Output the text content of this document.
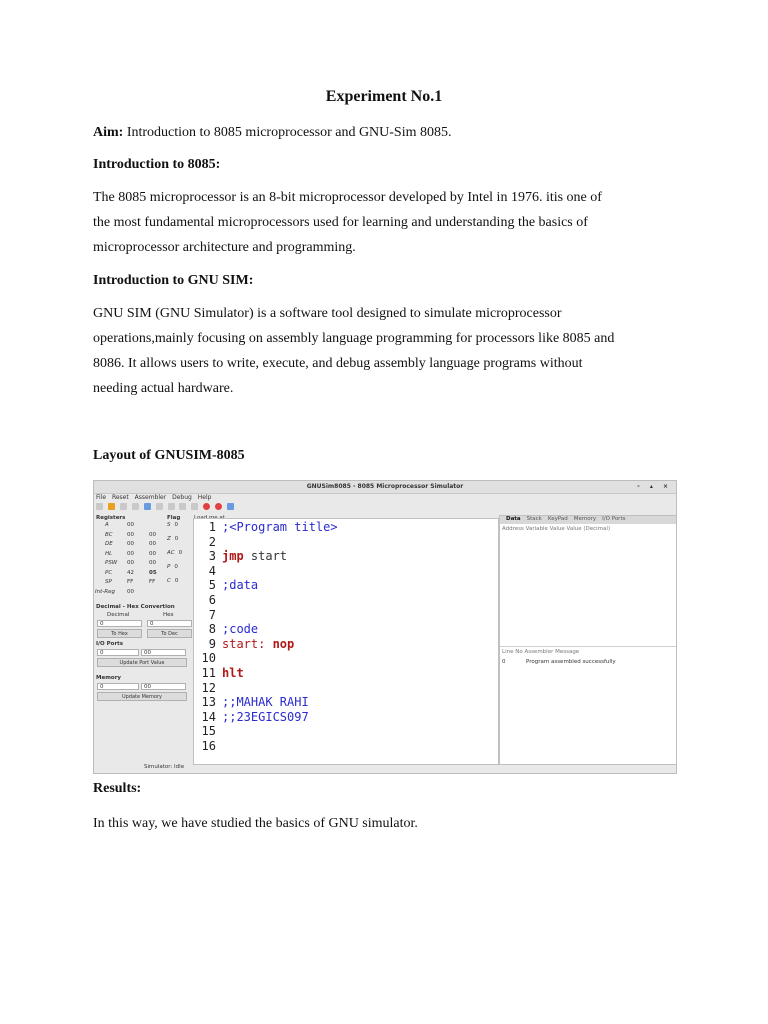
Experiment No.1
Aim: Introduction to 8085 microprocessor and GNU-Sim 8085.
Introduction to 8085:
The 8085 microprocessor is an 8-bit microprocessor developed by Intel in 1976. itis one of
the most fundamental microprocessors used for learning and understanding the basics of
microprocessor architecture and programming.
Introduction to GNU SIM:
GNU SIM (GNU Simulator) is a software tool designed to simulate microprocessor
operations,mainly focusing on assembly language programming for processors like 8085 and
8086. It allows users to write, execute, and debug assembly language programs without
needing actual hardware.
Layout of GNUSIM-8085
GNUSim8085 - 8085 Microprocessor Simulator	- ▴ ×
File Reset Assembler Debug Help

Registers	Flag
A	00
BC	00	00
DE	00	00
HL	00	00
PSW 00	00
PC	42	05
SP	FF	FF
Int-Reg 00
S 0
Z 0
AC 0
P 0
C 0
Decimal - Hex Convertion
Decimal	Hex
0	0
To Hex	To Dec
I/O Ports
0	00
Update Port Value
Memory
0	00
Update Memory
1 ;<Program title>
2
3 jmp start
4
5 ;data
6
7
8 ;code
9 start: nop
10
11 hlt
12
13 ;;MAHAK RAHI
14 ;;23EGICS097
15
16
Data Stack KeyPad Memory I/O Ports
Address Variable Value Value (Decimal)
Line No Assembler Message
0	Program assembled successfully
Simulator: Idle
Results:
In this way, we have studied the basics of GNU simulator.
